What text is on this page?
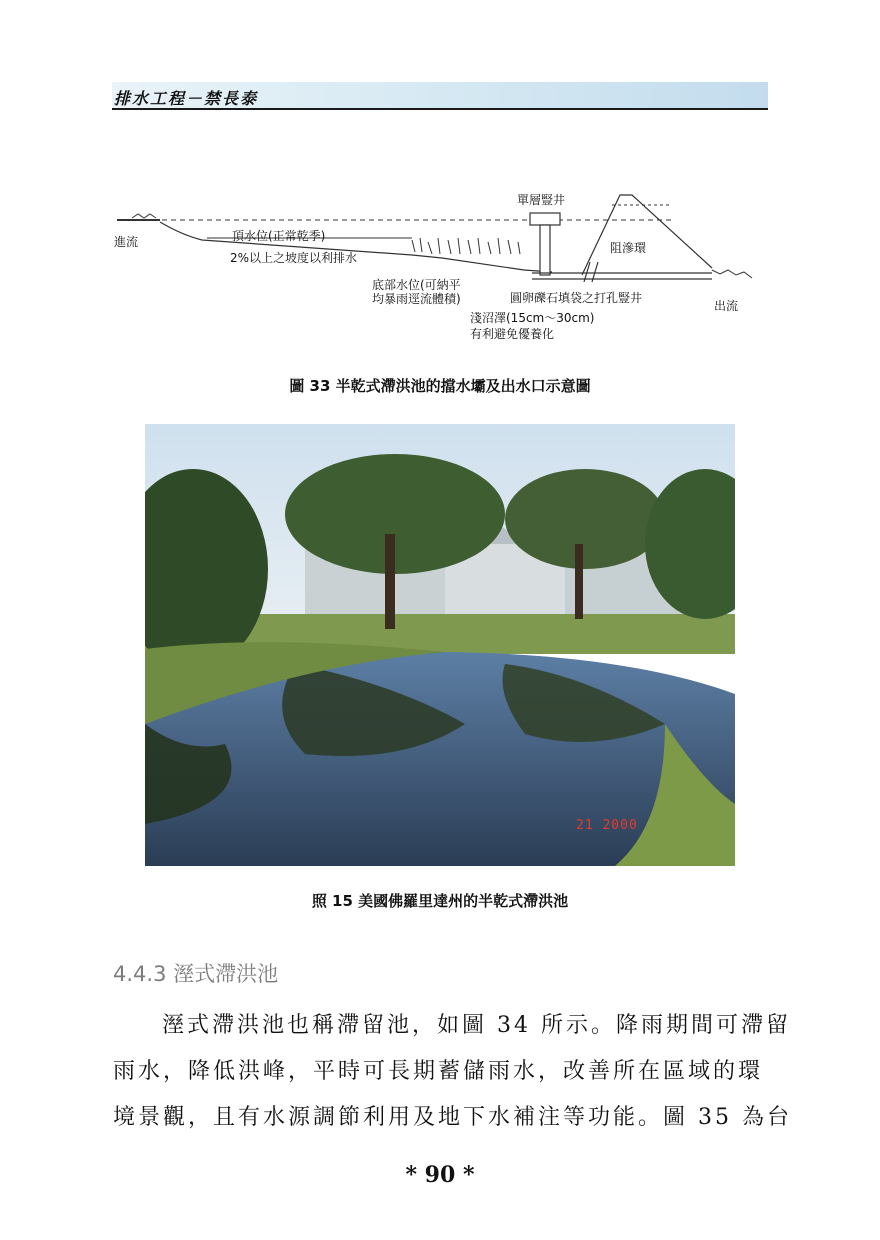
排水工程－禁長泰
進流	頂水位(正常乾季)
2%以上之坡度以利排水
底部水位(可納平
均暴雨逕流體積)
淺沼澤(15cm～30cm)
有利避免優養化
單層豎井
阻滲環
圓卵礫石填袋之打孔豎井
出流
圖 33 半乾式滯洪池的擋水壩及出水口示意圖
21 2000
照 15 美國佛羅里達州的半乾式滯洪池
4.4.3 溼式滯洪池
溼式滯洪池也稱滯留池，如圖 34 所示。降雨期間可滯留
雨水，降低洪峰，平時可長期蓄儲雨水，改善所在區域的環
境景觀，且有水源調節利用及地下水補注等功能。圖 35 為台
* 90 *
